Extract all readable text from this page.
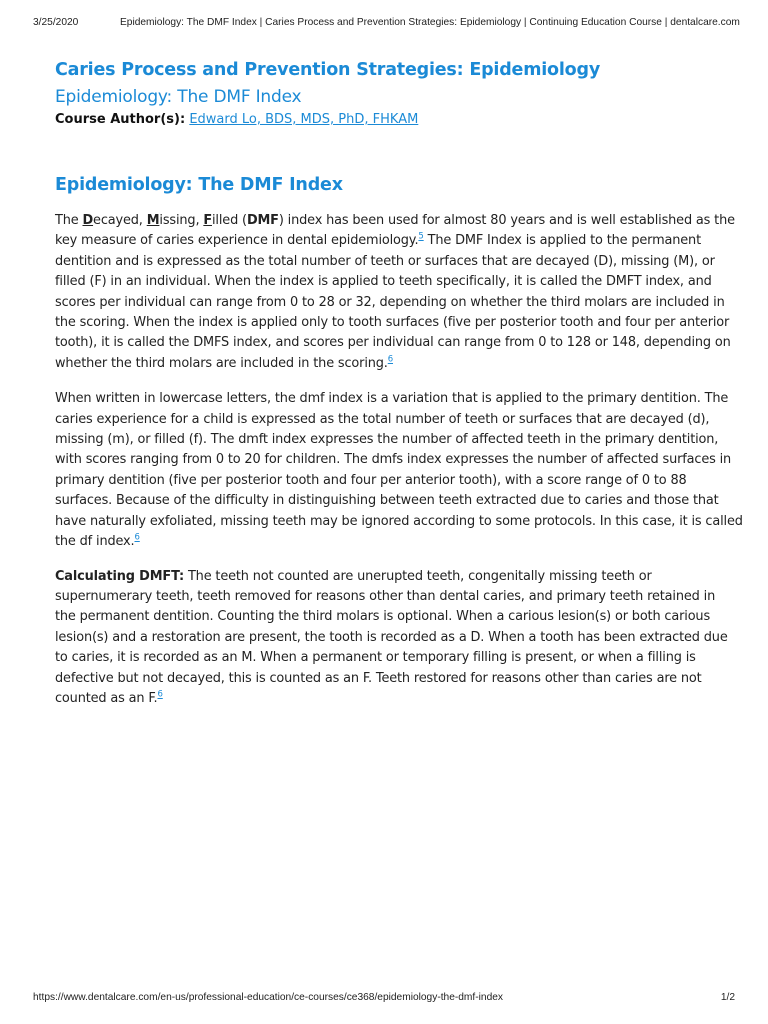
3/25/2020	Epidemiology: The DMF Index | Caries Process and Prevention Strategies: Epidemiology | Continuing Education Course | dentalcare.com
Caries Process and Prevention Strategies: Epidemiology
Epidemiology: The DMF Index

Course Author(s): Edward Lo, BDS, MDS, PhD, FHKAM

Epidemiology: The DMF Index

The Decayed, Missing, Filled (DMF) index has been used for almost 80 years and is well established as the
key measure of caries experience in dental epidemiology.$^5$ The DMF Index is applied to the permanent
dentition and is expressed as the total number of teeth or surfaces that are decayed (D), missing (M), or
filled (F) in an individual. When the index is applied to teeth specifically, it is called the DMFT index, and
scores per individual can range from 0 to 28 or 32, depending on whether the third molars are included in
the scoring. When the index is applied only to tooth surfaces (five per posterior tooth and four per anterior
tooth), it is called the DMFS index, and scores per individual can range from 0 to 128 or 148, depending on
whether the third molars are included in the scoring.$^6$

When written in lowercase letters, the dmf index is a variation that is applied to the primary dentition. The
caries experience for a child is expressed as the total number of teeth or surfaces that are decayed (d),
missing (m), or filled (f). The dmft index expresses the number of affected teeth in the primary dentition,
with scores ranging from 0 to 20 for children. The dmfs index expresses the number of affected surfaces in
primary dentition (five per posterior tooth and four per anterior tooth), with a score range of 0 to 88
surfaces. Because of the difficulty in distinguishing between teeth extracted due to caries and those that
have naturally exfoliated, missing teeth may be ignored according to some protocols. In this case, it is called
the df index.$^6$

Calculating DMFT: The teeth not counted are unerupted teeth, congenitally missing teeth or
supernumerary teeth, teeth removed for reasons other than dental caries, and primary teeth retained in
the permanent dentition. Counting the third molars is optional. When a carious lesion(s) or both carious
lesion(s) and a restoration are present, the tooth is recorded as a D. When a tooth has been extracted due
to caries, it is recorded as an M. When a permanent or temporary filling is present, or when a filling is
defective but not decayed, this is counted as an F. Teeth restored for reasons other than caries are not
counted as an F.$^6$

https://www.dentalcare.com/en-us/professional-education/ce-courses/ce368/epidemiology-the-dmf-index	1/2
